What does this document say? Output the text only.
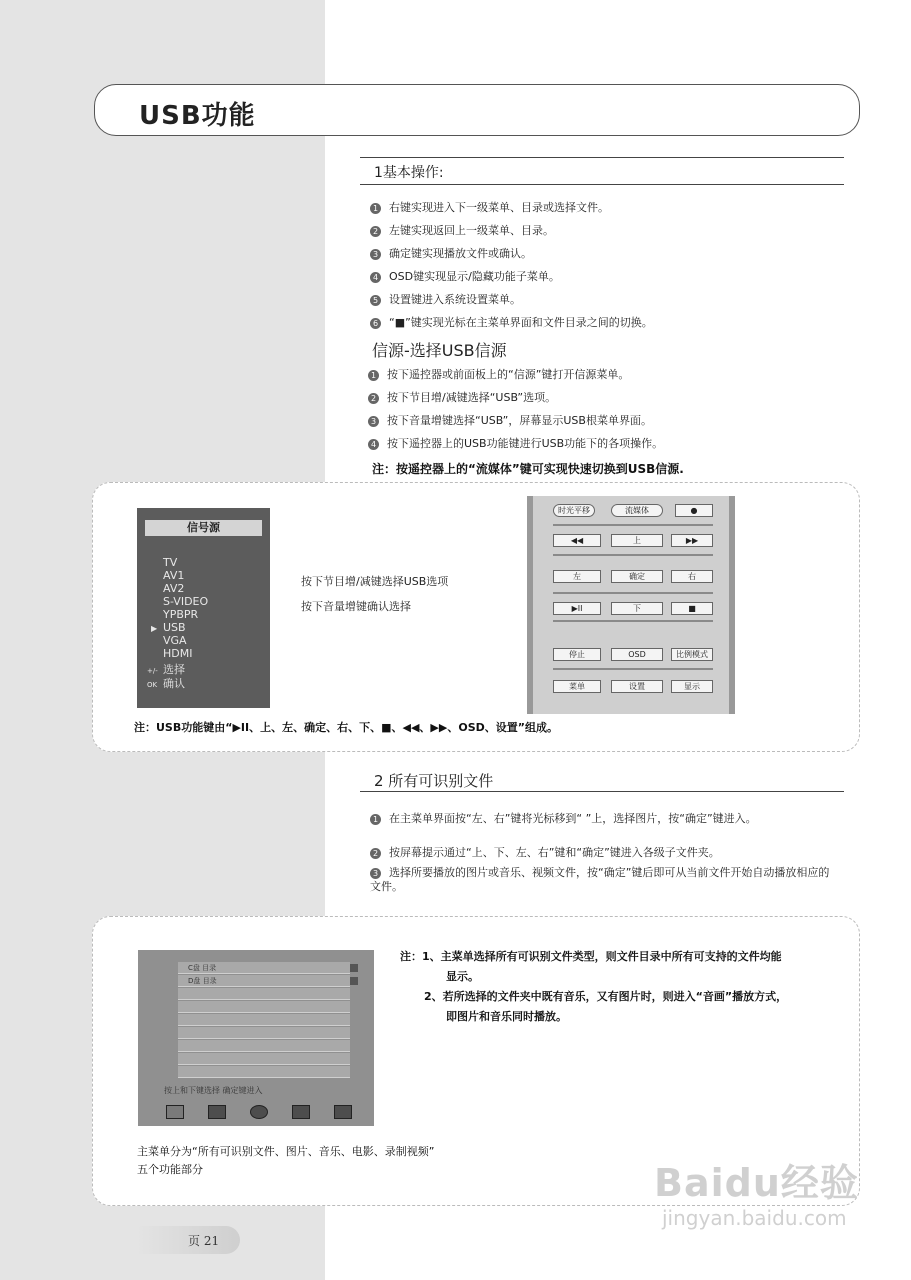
USB功能
1基本操作:
1 右键实现进入下一级菜单、目录或选择文件。
2 左键实现返回上一级菜单、目录。
3 确定键实现播放文件或确认。
4 OSD键实现显示/隐藏功能子菜单。
5 设置键进入系统设置菜单。
6 “■”键实现光标在主菜单界面和文件目录之间的切换。
信源-选择USB信源
1 按下遥控器或前面板上的“信源”键打开信源菜单。
2 按下节目增/减键选择“USB”选项。
3 按下音量增键选择“USB”，屏幕显示USB根菜单界面。
4 按下遥控器上的USB功能键进行USB功能下的各项操作。
注：按遥控器上的“流媒体”键可实现快速切换到USB信源.
信号源
TV
AV1
AV2
S-VIDEO
YPBPR
▶ USB
VGA
HDMI
+/- 选择
OK 确认
按下节目增/减键选择USB选项
按下音量增键确认选择
时光平移	流媒体	●
◀◀	上	▶▶
左	确定	右
▶II	下	■
停止	OSD	比例模式
菜单	设置	显示
注：USB功能键由“▶II、上、左、确定、右、下、■、◀◀、▶▶、OSD、设置”组成。
2 所有可识别文件
1 在主菜单界面按“左、右”键将光标移到“ ”上，选择图片，按“确定”键进入。
2 按屏幕提示通过“上、下、左、右”键和“确定”键进入各级子文件夹。
3 选择所要播放的图片或音乐、视频文件，按“确定”键后即可从当前文件开始自动播放相应的文件。
C盘 目录
D盘 目录
按上和下键选择 确定键进入
注：1、主菜单选择所有可识别文件类型，则文件目录中所有可支持的文件均能
显示。
2、若所选择的文件夹中既有音乐，又有图片时，则进入“音画”播放方式，
即图片和音乐同时播放。
主菜单分为“所有可识别文件、图片、音乐、电影、录制视频”
五个功能部分
页 21
Baidu经验
jingyan.baidu.com
